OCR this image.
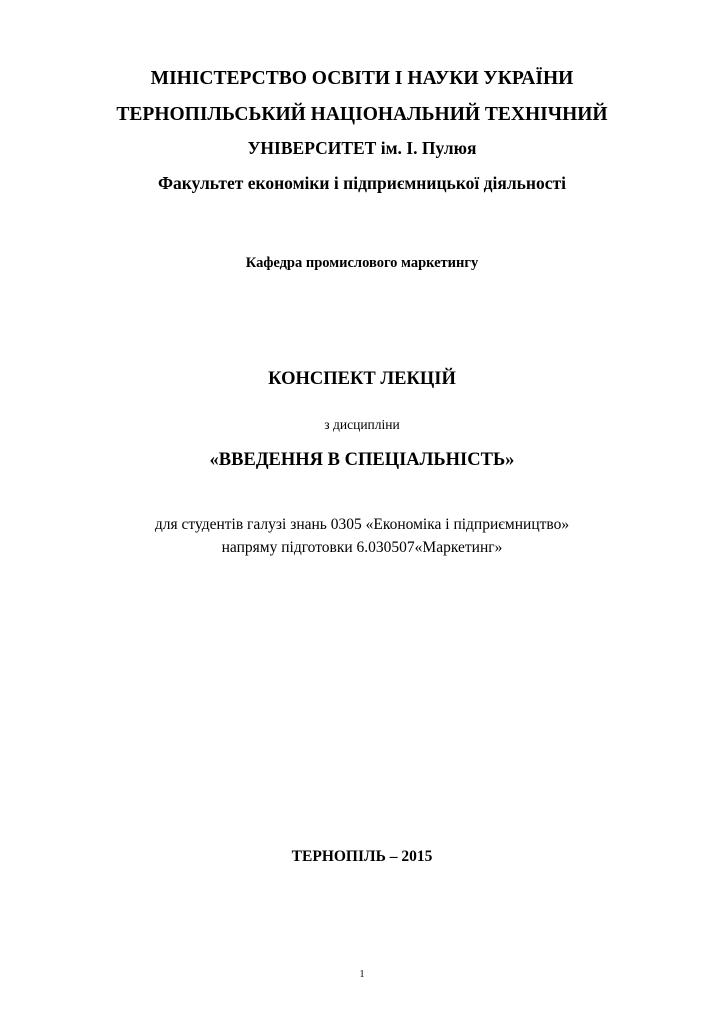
МІНІСТЕРСТВО ОСВІТИ І НАУКИ УКРАЇНИ
ТЕРНОПІЛЬСЬКИЙ НАЦІОНАЛЬНИЙ ТЕХНІЧНИЙ
УНІВЕРСИТЕТ ім. І. Пулюя
Факультет економіки і підприємницької діяльності
Кафедра промислового маркетингу
КОНСПЕКТ ЛЕКЦІЙ
з дисципліни
«ВВЕДЕННЯ В СПЕЦІАЛЬНІСТЬ»
для студентів галузі знань 0305 «Економіка і підприємництво»
напряму підготовки 6.030507«Маркетинг»
ТЕРНОПІЛЬ – 2015
1
